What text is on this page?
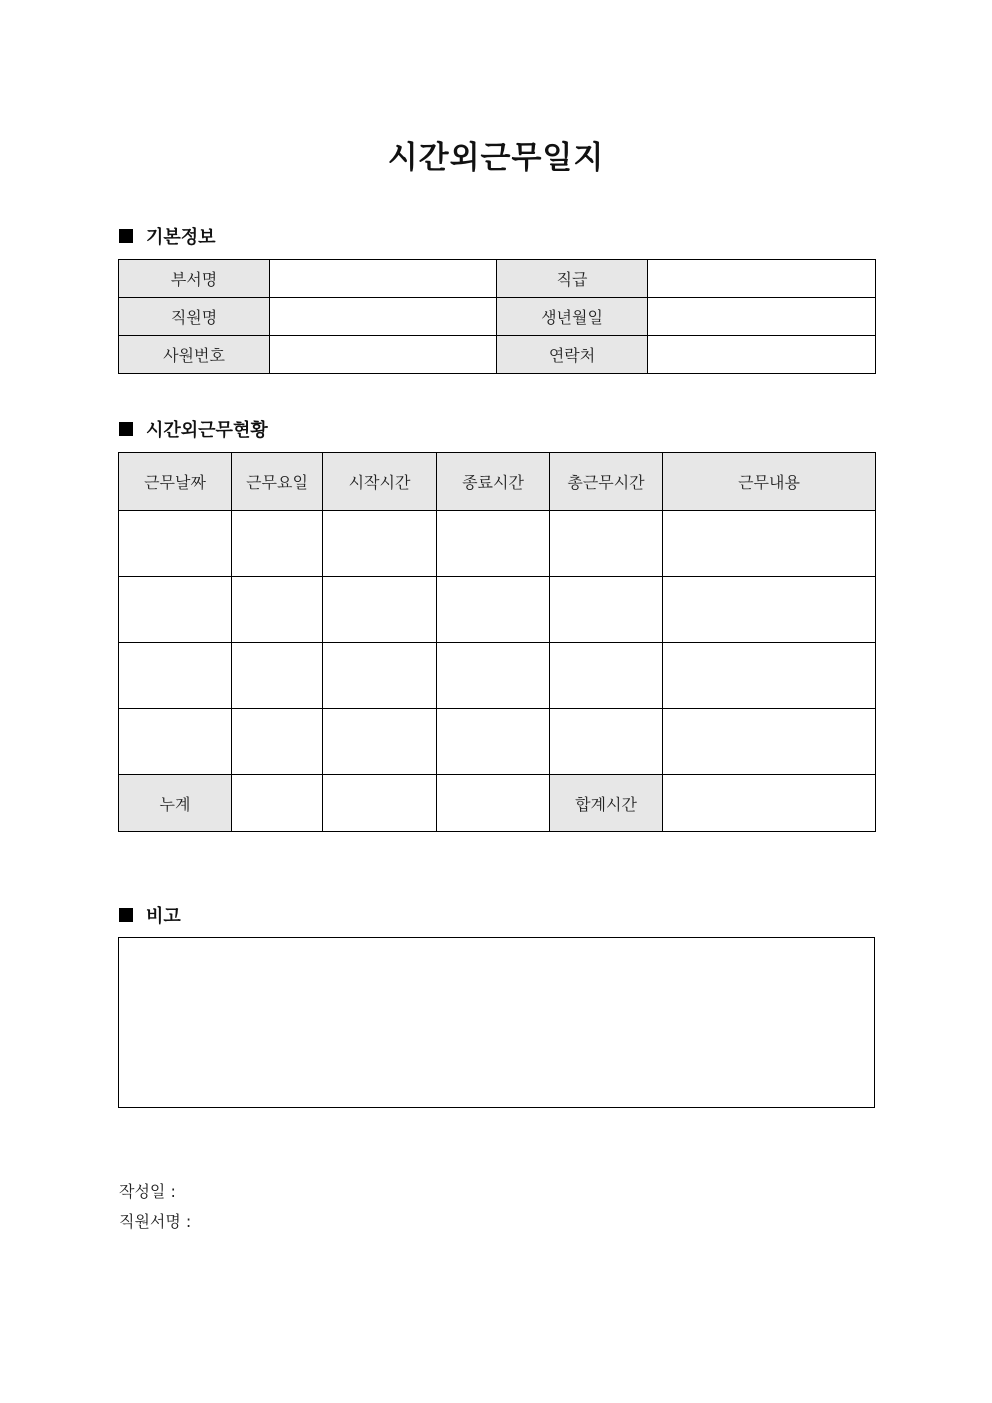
시간외근무일지
기본정보
부서명		직급	
직원명		생년월일	
사원번호		연락처	
시간외근무현황
근무날짜	근무요일	시작시간	종료시간	총근무시간	근무내용

누계				합계시간	
비고
작성일 :
직원서명 :
